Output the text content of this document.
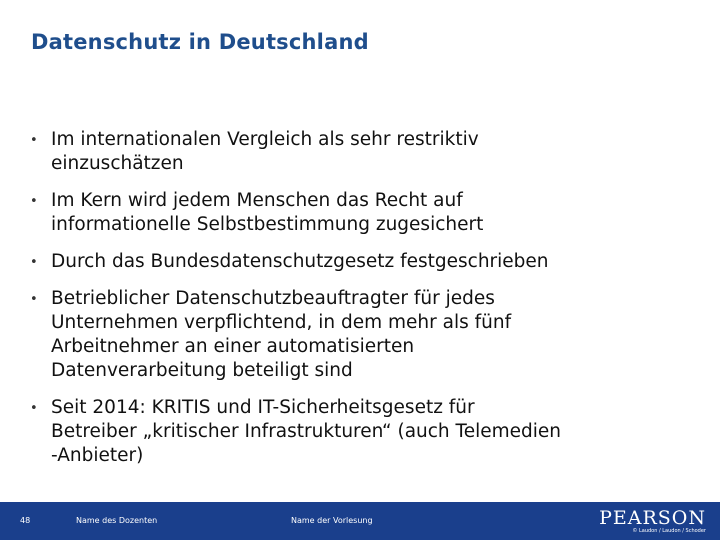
Datenschutz in Deutschland
• Im internationalen Vergleich als sehr restriktiv
einzuschätzen
• Im Kern wird jedem Menschen das Recht auf
informationelle Selbstbestimmung zugesichert
• Durch das Bundesdatenschutzgesetz festgeschrieben
• Betrieblicher Datenschutzbeauftragter für jedes
Unternehmen verpflichtend, in dem mehr als fünf
Arbeitnehmer an einer automatisierten
Datenverarbeitung beteiligt sind
• Seit 2014: KRITIS und IT-Sicherheitsgesetz für
Betreiber „kritischer Infrastrukturen“ (auch Telemedien
-Anbieter)
48	Name des Dozenten	Name der Vorlesung	PEARSON
© Laudon / Laudon / Schoder
